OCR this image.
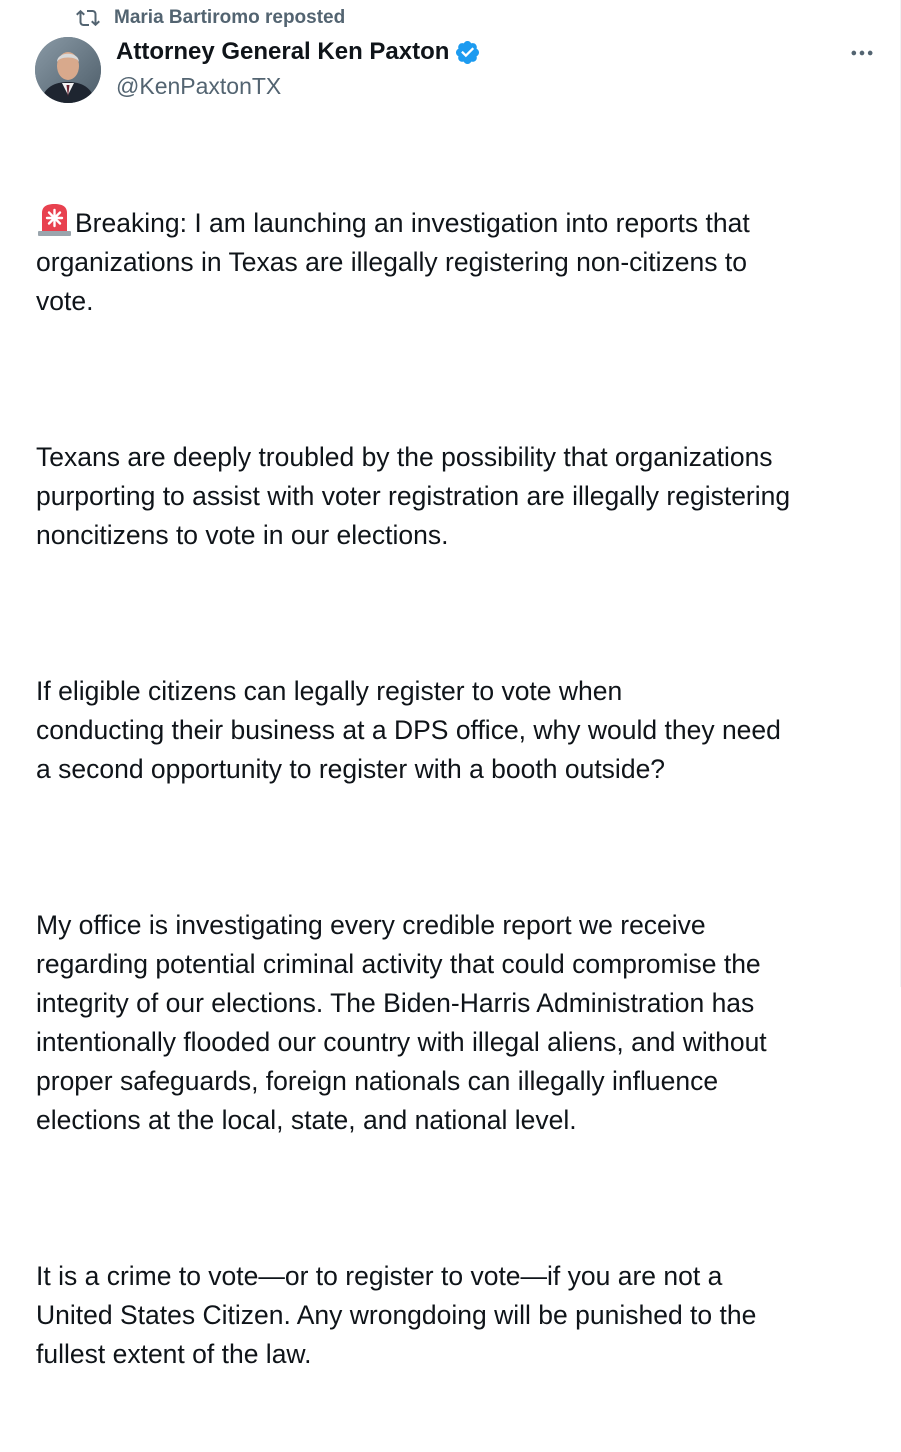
Maria Bartiromo reposted
Attorney General Ken Paxton
@KenPaxtonTX

Breaking: I am launching an investigation into reports that
organizations in Texas are illegally registering non-citizens to
vote.

Texans are deeply troubled by the possibility that organizations
purporting to assist with voter registration are illegally registering
noncitizens to vote in our elections.

If eligible citizens can legally register to vote when
conducting their business at a DPS office, why would they need
a second opportunity to register with a booth outside?

My office is investigating every credible report we receive
regarding potential criminal activity that could compromise the
integrity of our elections. The Biden-Harris Administration has
intentionally flooded our country with illegal aliens, and without
proper safeguards, foreign nationals can illegally influence
elections at the local, state, and national level.

It is a crime to vote—or to register to vote—if you are not a
United States Citizen. Any wrongdoing will be punished to the
fullest extent of the law.
